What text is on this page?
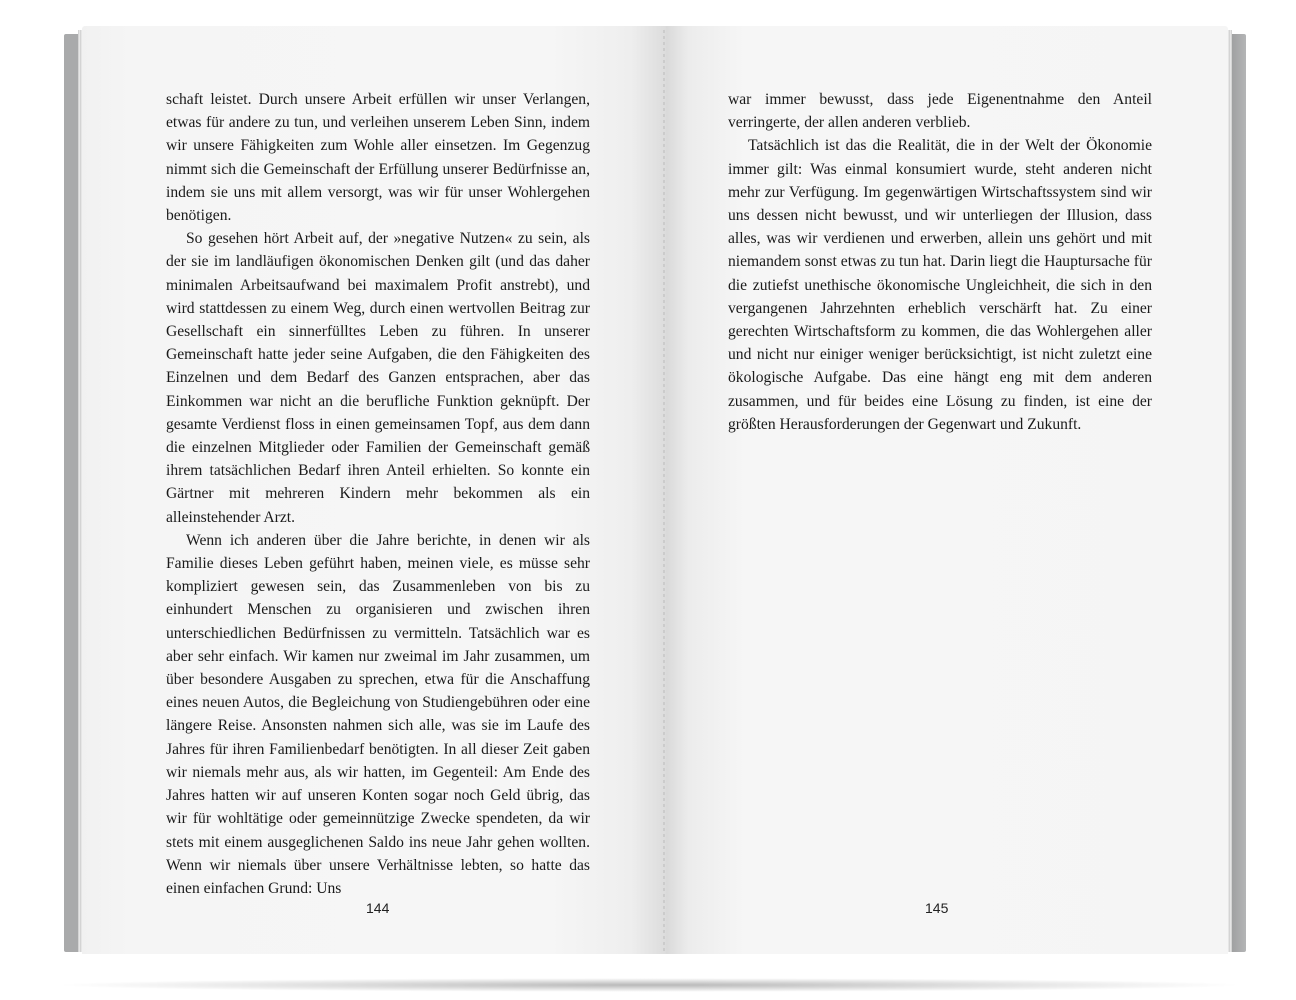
schaft leistet. Durch unsere Arbeit erfüllen wir unser Verlangen, etwas für andere zu tun, und verleihen unserem Leben Sinn, indem wir unsere Fähigkeiten zum Wohle aller einsetzen. Im Gegenzug nimmt sich die Gemeinschaft der Erfüllung unserer Bedürfnisse an, indem sie uns mit allem versorgt, was wir für unser Wohlergehen benötigen.

So gesehen hört Arbeit auf, der »negative Nutzen« zu sein, als der sie im landläufigen ökonomischen Denken gilt (und das daher minimalen Arbeitsaufwand bei maximalem Profit anstrebt), und wird stattdessen zu einem Weg, durch einen wertvollen Beitrag zur Gesellschaft ein sinnerfülltes Leben zu führen. In unserer Gemeinschaft hatte jeder seine Aufgaben, die den Fähigkeiten des Einzelnen und dem Bedarf des Ganzen entsprachen, aber das Einkommen war nicht an die berufliche Funktion geknüpft. Der gesamte Verdienst floss in einen gemeinsamen Topf, aus dem dann die einzelnen Mitglieder oder Familien der Gemeinschaft gemäß ihrem tatsächlichen Bedarf ihren Anteil erhielten. So konnte ein Gärtner mit mehreren Kindern mehr bekommen als ein alleinstehender Arzt.

Wenn ich anderen über die Jahre berichte, in denen wir als Familie dieses Leben geführt haben, meinen viele, es müsse sehr kompliziert gewesen sein, das Zusammenleben von bis zu einhundert Menschen zu organisieren und zwischen ihren unterschiedlichen Bedürfnissen zu vermitteln. Tatsächlich war es aber sehr einfach. Wir kamen nur zweimal im Jahr zusammen, um über besondere Ausgaben zu sprechen, etwa für die Anschaffung eines neuen Autos, die Begleichung von Studiengebühren oder eine längere Reise. Ansonsten nahmen sich alle, was sie im Laufe des Jahres für ihren Familienbedarf benötigten. In all dieser Zeit gaben wir niemals mehr aus, als wir hatten, im Gegenteil: Am Ende des Jahres hatten wir auf unseren Konten sogar noch Geld übrig, das wir für wohltätige oder gemeinnützige Zwecke spendeten, da wir stets mit einem ausgeglichenen Saldo ins neue Jahr gehen wollten. Wenn wir niemals über unsere Verhältnisse lebten, so hatte das einen einfachen Grund: Uns

war immer bewusst, dass jede Eigenentnahme den Anteil verringerte, der allen anderen verblieb.

Tatsächlich ist das die Realität, die in der Welt der Ökonomie immer gilt: Was einmal konsumiert wurde, steht anderen nicht mehr zur Verfügung. Im gegenwärtigen Wirtschaftssystem sind wir uns dessen nicht bewusst, und wir unterliegen der Illusion, dass alles, was wir verdienen und erwerben, allein uns gehört und mit niemandem sonst etwas zu tun hat. Darin liegt die Hauptursache für die zutiefst unethische ökonomische Ungleichheit, die sich in den vergangenen Jahrzehnten erheblich verschärft hat. Zu einer gerechten Wirtschaftsform zu kommen, die das Wohlergehen aller und nicht nur einiger weniger berücksichtigt, ist nicht zuletzt eine ökologische Aufgabe. Das eine hängt eng mit dem anderen zusammen, und für beides eine Lösung zu finden, ist eine der größten Herausforderungen der Gegenwart und Zukunft.

144	145
